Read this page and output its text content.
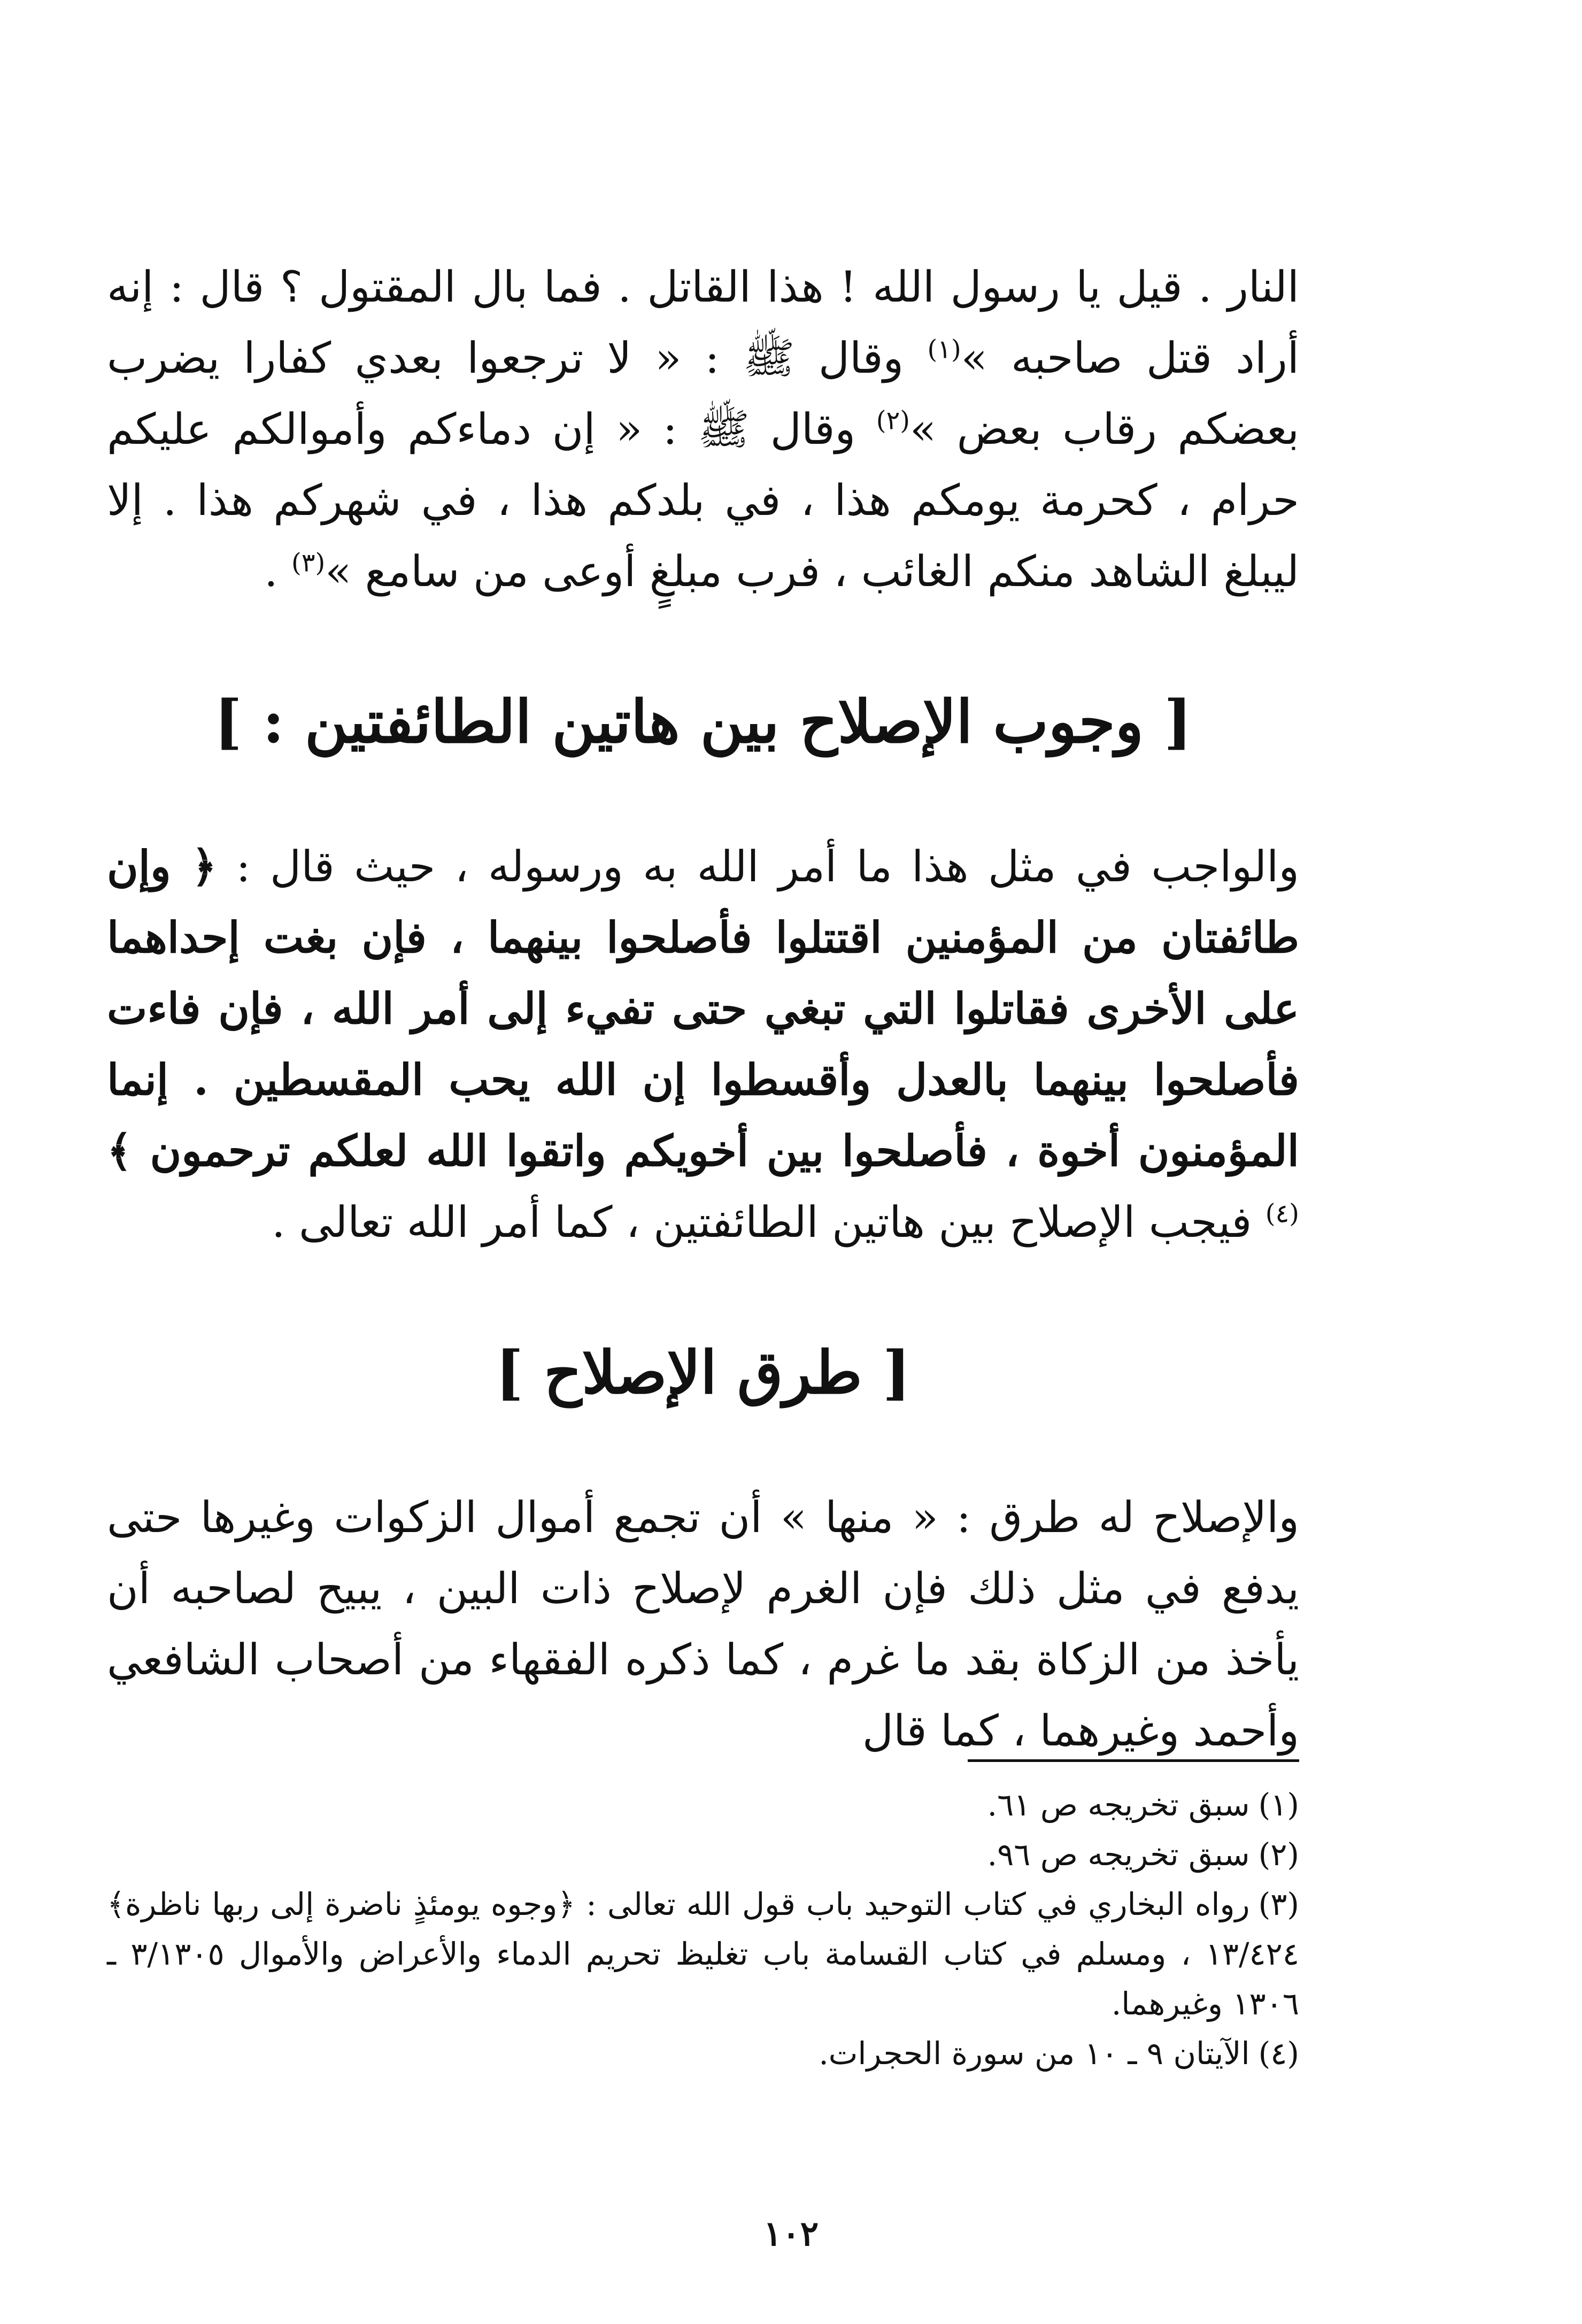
النار . قيل يا رسول الله ! هذا القاتل . فما بال المقتول ؟ قال : إنه أراد قتل صاحبه »$^{(١)}$ وقال ﷺ : « لا ترجعوا بعدي كفارا يضرب بعضكم رقاب بعض »$^{(٢)}$ وقال ﷺ : « إن دماءكم وأموالكم عليكم حرام ، كحرمة يومكم هذا ، في بلدكم هذا ، في شهركم هذا . إلا ليبلغ الشاهد منكم الغائب ، فرب مبلغٍ أوعى من سامع »$^{(٣)}$ .

[ وجوب الإصلاح بين هاتين الطائفتين : ]

والواجب في مثل هذا ما أمر الله به ورسوله ، حيث قال : ﴿ وإن طائفتان من المؤمنين اقتتلوا فأصلحوا بينهما ، فإن بغت إحداهما على الأخرى فقاتلوا التي تبغي حتى تفيء إلى أمر الله ، فإن فاءت فأصلحوا بينهما بالعدل وأقسطوا إن الله يحب المقسطين . إنما المؤمنون أخوة ، فأصلحوا بين أخويكم واتقوا الله لعلكم ترحمون ﴾$^{(٤)}$ فيجب الإصلاح بين هاتين الطائفتين ، كما أمر الله تعالى .

[ طرق الإصلاح ]

والإصلاح له طرق : « منها » أن تجمع أموال الزكوات وغيرها حتى يدفع في مثل ذلك فإن الغرم لإصلاح ذات البين ، يبيح لصاحبه أن يأخذ من الزكاة بقد ما غرم ، كما ذكره الفقهاء من أصحاب الشافعي وأحمد وغيرهما ، كما قال

(١)سبق تخريجه ص ٦١.

(٢)سبق تخريجه ص ٩٦.

(٣)رواه البخاري في كتاب التوحيد باب قول الله تعالى : ﴿وجوه يومئذٍ ناضرة إلى ربها ناظرة﴾ ١٣/٤٢٤ ، ومسلم في كتاب القسامة باب تغليظ تحريم الدماء والأعراض والأموال ٣/١٣٠٥ ـ ١٣٠٦ وغيرهما.

(٤)الآيتان ٩ ـ ١٠ من سورة الحجرات.

١٠٢
